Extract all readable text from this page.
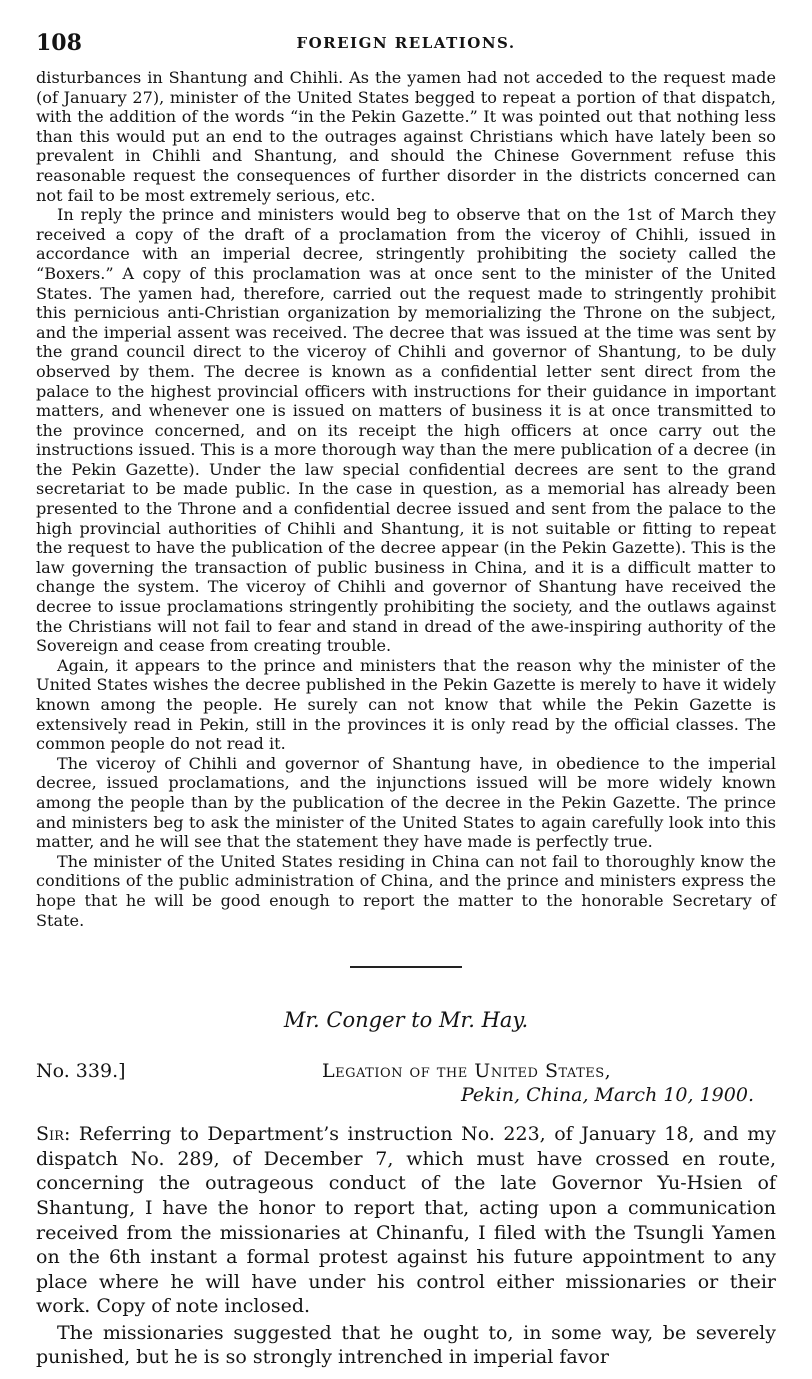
108	FOREIGN RELATIONS.

disturbances in Shantung and Chihli. As the yamen had not acceded to the request made (of January 27), minister of the United States begged to repeat a portion of that dispatch, with the addition of the words “in the Pekin Gazette.” It was pointed out that nothing less than this would put an end to the outrages against Christians which have lately been so prevalent in Chihli and Shantung, and should the Chinese Government refuse this reasonable request the consequences of further disorder in the districts concerned can not fail to be most extremely serious, etc.

In reply the prince and ministers would beg to observe that on the 1st of March they received a copy of the draft of a proclamation from the viceroy of Chihli, issued in accordance with an imperial decree, stringently prohibiting the society called the “Boxers.” A copy of this proclamation was at once sent to the minister of the United States. The yamen had, therefore, carried out the request made to stringently prohibit this pernicious anti-Christian organization by memorializing the Throne on the subject, and the imperial assent was received. The decree that was issued at the time was sent by the grand council direct to the viceroy of Chihli and governor of Shantung, to be duly observed by them. The decree is known as a confidential letter sent direct from the palace to the highest provincial officers with instructions for their guidance in important matters, and whenever one is issued on matters of business it is at once transmitted to the province concerned, and on its receipt the high officers at once carry out the instructions issued. This is a more thorough way than the mere publication of a decree (in the Pekin Gazette). Under the law special confidential decrees are sent to the grand secretariat to be made public. In the case in question, as a memorial has already been presented to the Throne and a confidential decree issued and sent from the palace to the high provincial authorities of Chihli and Shantung, it is not suitable or fitting to repeat the request to have the publication of the decree appear (in the Pekin Gazette). This is the law governing the transaction of public business in China, and it is a difficult matter to change the system. The viceroy of Chihli and governor of Shantung have received the decree to issue proclamations stringently prohibiting the society, and the outlaws against the Christians will not fail to fear and stand in dread of the awe-inspiring authority of the Sovereign and cease from creating trouble.

Again, it appears to the prince and ministers that the reason why the minister of the United States wishes the decree published in the Pekin Gazette is merely to have it widely known among the people. He surely can not know that while the Pekin Gazette is extensively read in Pekin, still in the provinces it is only read by the official classes. The common people do not read it.

The viceroy of Chihli and governor of Shantung have, in obedience to the imperial decree, issued proclamations, and the injunctions issued will be more widely known among the people than by the publication of the decree in the Pekin Gazette. The prince and ministers beg to ask the minister of the United States to again carefully look into this matter, and he will see that the statement they have made is perfectly true.

The minister of the United States residing in China can not fail to thoroughly know the conditions of the public administration of China, and the prince and ministers express the hope that he will be good enough to report the matter to the honorable Secretary of State.

Mr. Conger to Mr. Hay.
No. 339.]	Legation of the United States,
Pekin, China, March 10, 1900.

Sir: Referring to Department’s instruction No. 223, of January 18, and my dispatch No. 289, of December 7, which must have crossed en route, concerning the outrageous conduct of the late Governor Yu-Hsien of Shantung, I have the honor to report that, acting upon a communication received from the missionaries at Chinanfu, I filed with the Tsungli Yamen on the 6th instant a formal protest against his future appointment to any place where he will have under his control either missionaries or their work. Copy of note inclosed.

The missionaries suggested that he ought to, in some way, be severely punished, but he is so strongly intrenched in imperial favor
